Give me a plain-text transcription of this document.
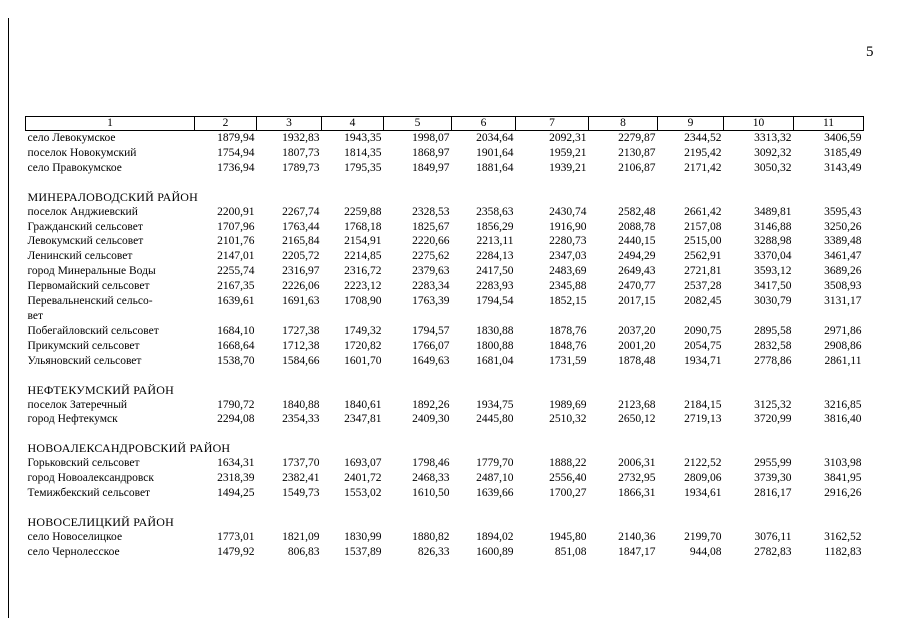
5
1	2	3	4	5	6	7	8	9	10	11
село Левокумское	1879,94	1932,83	1943,35	1998,07	2034,64	2092,31	2279,87	2344,52	3313,32	3406,59
поселок Новокумский	1754,94	1807,73	1814,35	1868,97	1901,64	1959,21	2130,87	2195,42	3092,32	3185,49
село Правокумское	1736,94	1789,73	1795,35	1849,97	1881,64	1939,21	2106,87	2171,42	3050,32	3143,49

МИНЕРАЛОВОДСКИЙ РАЙОН										
поселок Анджиевский	2200,91	2267,74	2259,88	2328,53	2358,63	2430,74	2582,48	2661,42	3489,81	3595,43
Гражданский сельсовет	1707,96	1763,44	1768,18	1825,67	1856,29	1916,90	2088,78	2157,08	3146,88	3250,26
Левокумский сельсовет	2101,76	2165,84	2154,91	2220,66	2213,11	2280,73	2440,15	2515,00	3288,98	3389,48
Ленинский сельсовет	2147,01	2205,72	2214,85	2275,62	2284,13	2347,03	2494,29	2562,91	3370,04	3461,47
город Минеральные Воды	2255,74	2316,97	2316,72	2379,63	2417,50	2483,69	2649,43	2721,81	3593,12	3689,26
Первомайский сельсовет	2167,35	2226,06	2223,12	2283,34	2283,93	2345,88	2470,77	2537,28	3417,50	3508,93
Перевальненский сельсо-	1639,61	1691,63	1708,90	1763,39	1794,54	1852,15	2017,15	2082,45	3030,79	3131,17
вет										
Побегайловский сельсовет	1684,10	1727,38	1749,32	1794,57	1830,88	1878,76	2037,20	2090,75	2895,58	2971,86
Прикумский сельсовет	1668,64	1712,38	1720,82	1766,07	1800,88	1848,76	2001,20	2054,75	2832,58	2908,86
Ульяновский сельсовет	1538,70	1584,66	1601,70	1649,63	1681,04	1731,59	1878,48	1934,71	2778,86	2861,11

НЕФТЕКУМСКИЙ РАЙОН										
поселок Затеречный	1790,72	1840,88	1840,61	1892,26	1934,75	1989,69	2123,68	2184,15	3125,32	3216,85
город Нефтекумск	2294,08	2354,33	2347,81	2409,30	2445,80	2510,32	2650,12	2719,13	3720,99	3816,40

НОВОАЛЕКСАНДРОВСКИЙ РАЙОН										
Горьковский сельсовет	1634,31	1737,70	1693,07	1798,46	1779,70	1888,22	2006,31	2122,52	2955,99	3103,98
город Новоалександровск	2318,39	2382,41	2401,72	2468,33	2487,10	2556,40	2732,95	2809,06	3739,30	3841,95
Темижбекский сельсовет	1494,25	1549,73	1553,02	1610,50	1639,66	1700,27	1866,31	1934,61	2816,17	2916,26

НОВОСЕЛИЦКИЙ РАЙОН										
село Новоселицкое	1773,01	1821,09	1830,99	1880,82	1894,02	1945,80	2140,36	2199,70	3076,11	3162,52
село Чернолесское	1479,92	806,83	1537,89	826,33	1600,89	851,08	1847,17	944,08	2782,83	1182,83
